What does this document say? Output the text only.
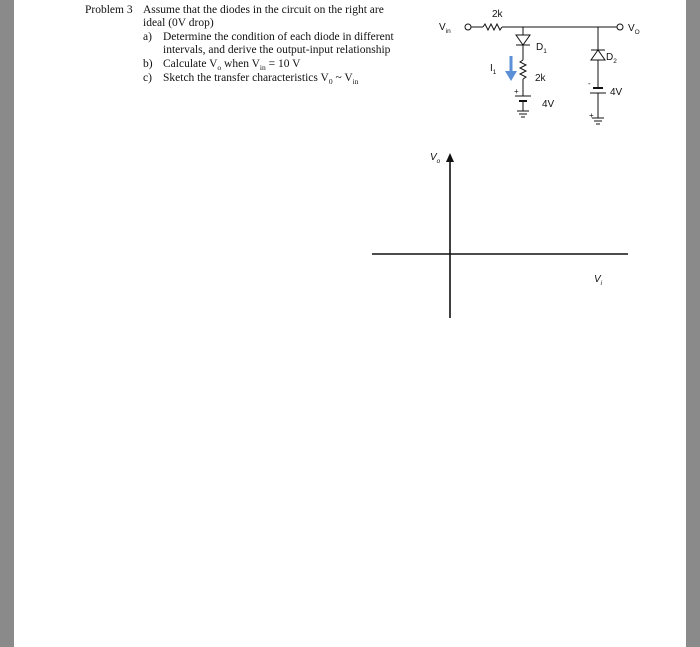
Problem 3 Assume that the diodes in the circuit on the right are
ideal (0V drop)
a) Determine the condition of each diode in different
intervals, and derive the output-input relationship
b) Calculate $V_o$ when $V_{in} = 10$ V
c) Sketch the transfer characteristics $V_0$ ~ $V_{in}$
$V_{in}$	$V_O$
2k
$D_1$
2k
$I_1$
+
4V
$D_2$
-
+
4V
$V_o$
$V_i$
